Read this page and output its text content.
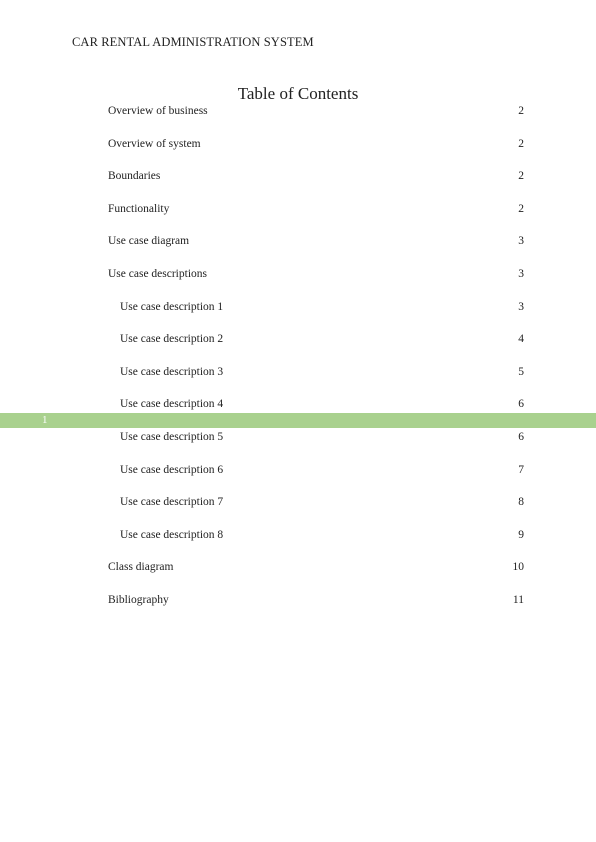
CAR RENTAL ADMINISTRATION SYSTEM
Table of Contents
1
Overview of business	2
Overview of system	2
Boundaries	2
Functionality	2
Use case diagram	3
Use case descriptions	3
Use case description 1	3
Use case description 2	4
Use case description 3	5
Use case description 4	6
Use case description 5	6
Use case description 6	7
Use case description 7	8
Use case description 8	9
Class diagram	10
Bibliography	11
